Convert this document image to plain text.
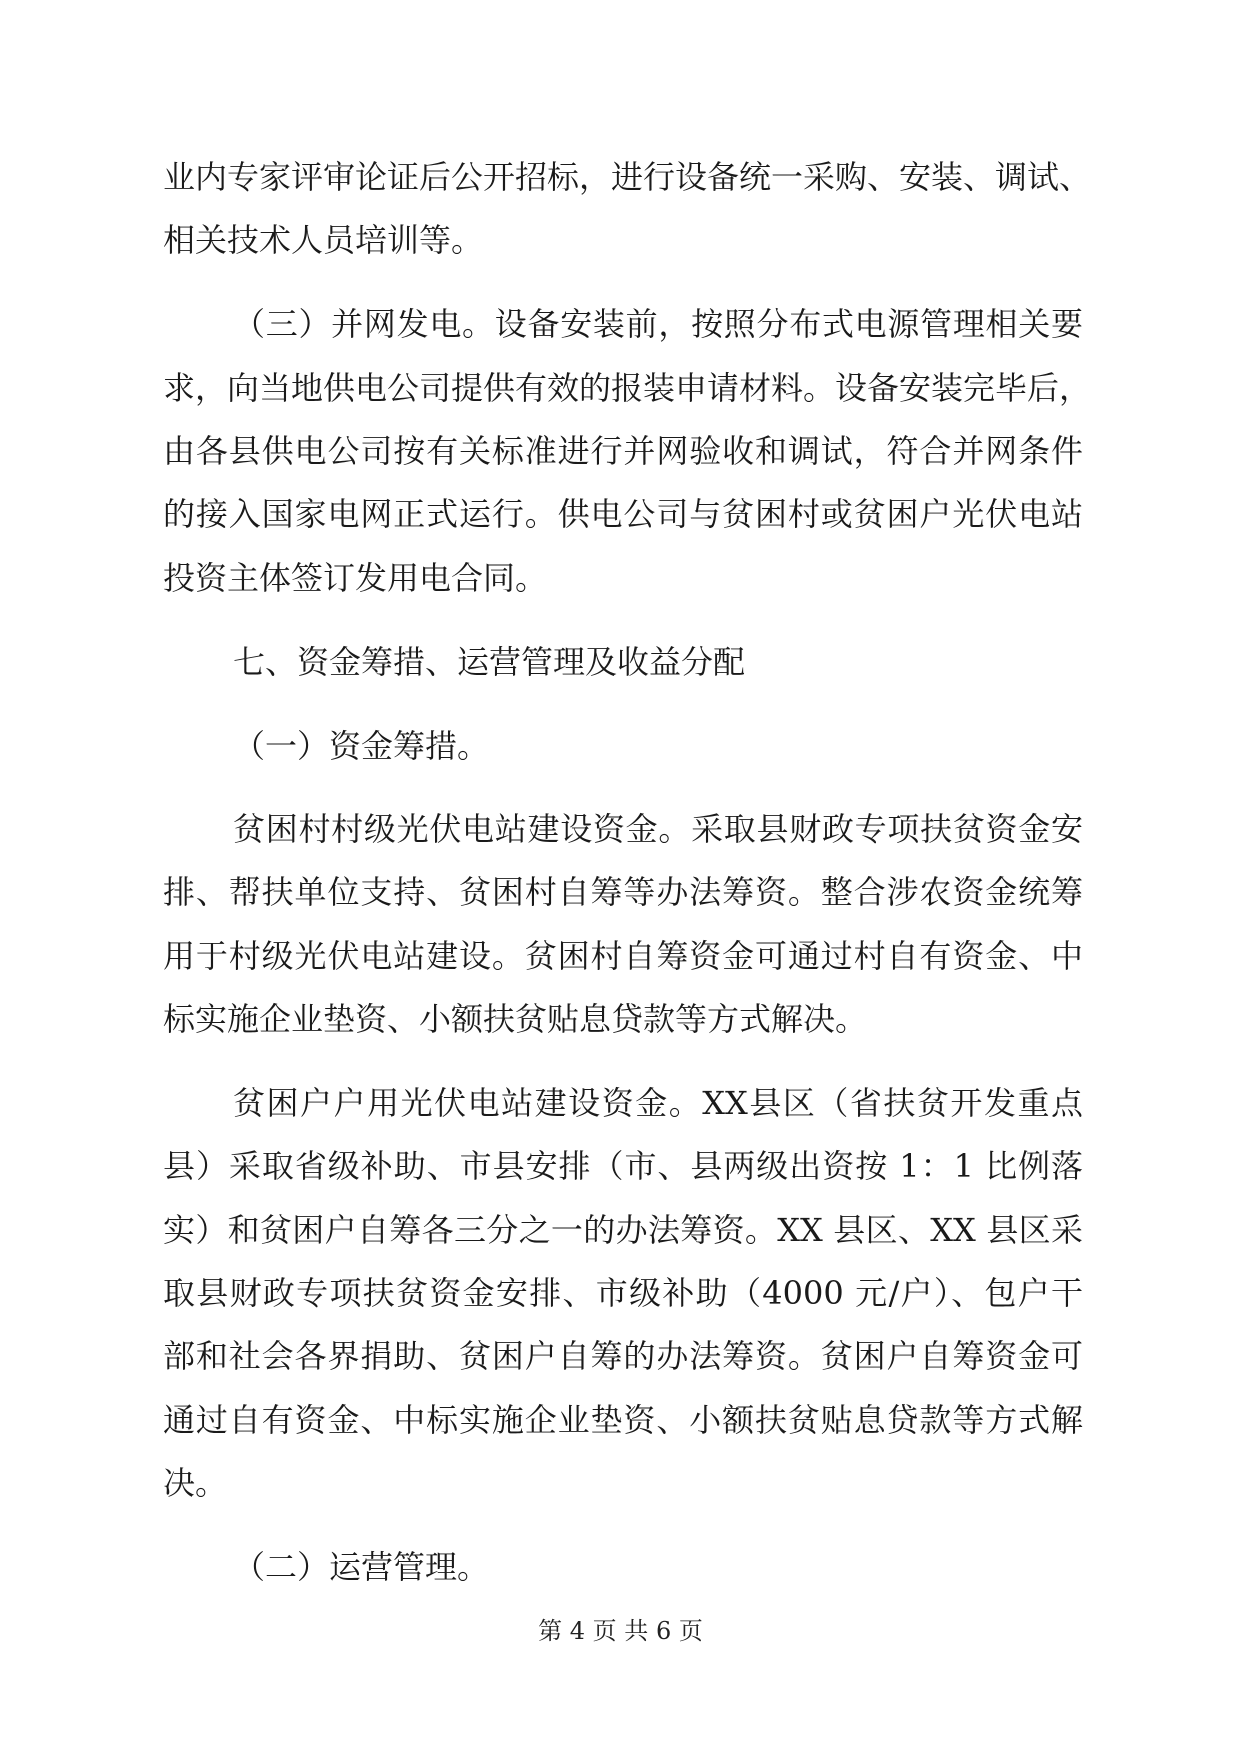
业内专家评审论证后公开招标，进行设备统一采购、安装、调试、
相关技术人员培训等。
（三）并网发电。设备安装前，按照分布式电源管理相关要
求，向当地供电公司提供有效的报装申请材料。设备安装完毕后，
由各县供电公司按有关标准进行并网验收和调试，符合并网条件
的接入国家电网正式运行。供电公司与贫困村或贫困户光伏电站
投资主体签订发用电合同。
七、资金筹措、运营管理及收益分配
（一）资金筹措。
贫困村村级光伏电站建设资金。采取县财政专项扶贫资金安
排、帮扶单位支持、贫困村自筹等办法筹资。整合涉农资金统筹
用于村级光伏电站建设。贫困村自筹资金可通过村自有资金、中
标实施企业垫资、小额扶贫贴息贷款等方式解决。
贫困户户用光伏电站建设资金。XX县区（省扶贫开发重点
县）采取省级补助、市县安排（市、县两级出资按 1：1 比例落
实）和贫困户自筹各三分之一的办法筹资。XX 县区、XX 县区采
取县财政专项扶贫资金安排、市级补助（4000 元/户）、包户干
部和社会各界捐助、贫困户自筹的办法筹资。贫困户自筹资金可
通过自有资金、中标实施企业垫资、小额扶贫贴息贷款等方式解
决。
（二）运营管理。
第 4 页 共 6 页
